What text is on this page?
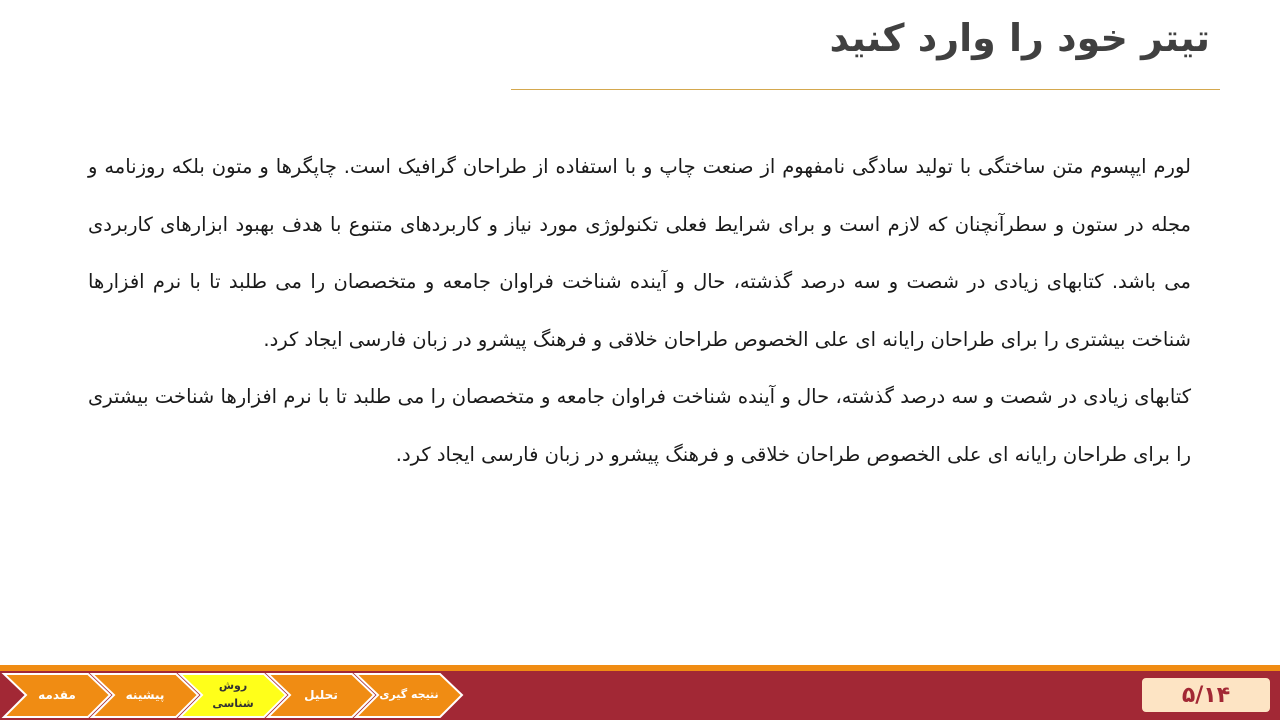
تیتر خود را وارد کنید

لورم ایپسوم متن ساختگی با تولید سادگی نامفهوم از صنعت چاپ و با استفاده از طراحان گرافیک است. چاپگرها و متون بلکه روزنامه و مجله در ستون و سطرآنچنان که لازم است و برای شرایط فعلی تکنولوژی مورد نیاز و کاربردهای متنوع با هدف بهبود ابزارهای کاربردی می باشد. کتابهای زیادی در شصت و سه درصد گذشته، حال و آینده شناخت فراوان جامعه و متخصصان را می طلبد تا با نرم افزارها شناخت بیشتری را برای طراحان رایانه ای علی الخصوص طراحان خلاقی و فرهنگ پیشرو در زبان فارسی ایجاد کرد.

کتابهای زیادی در شصت و سه درصد گذشته، حال و آینده شناخت فراوان جامعه و متخصصان را می طلبد تا با نرم افزارها شناخت بیشتری را برای طراحان رایانه ای علی الخصوص طراحان خلاقی و فرهنگ پیشرو در زبان فارسی ایجاد کرد.

مقدمه	پیشینه
روش
شناسی
تحلیل	نتیجه گیری	۵/۱۴
